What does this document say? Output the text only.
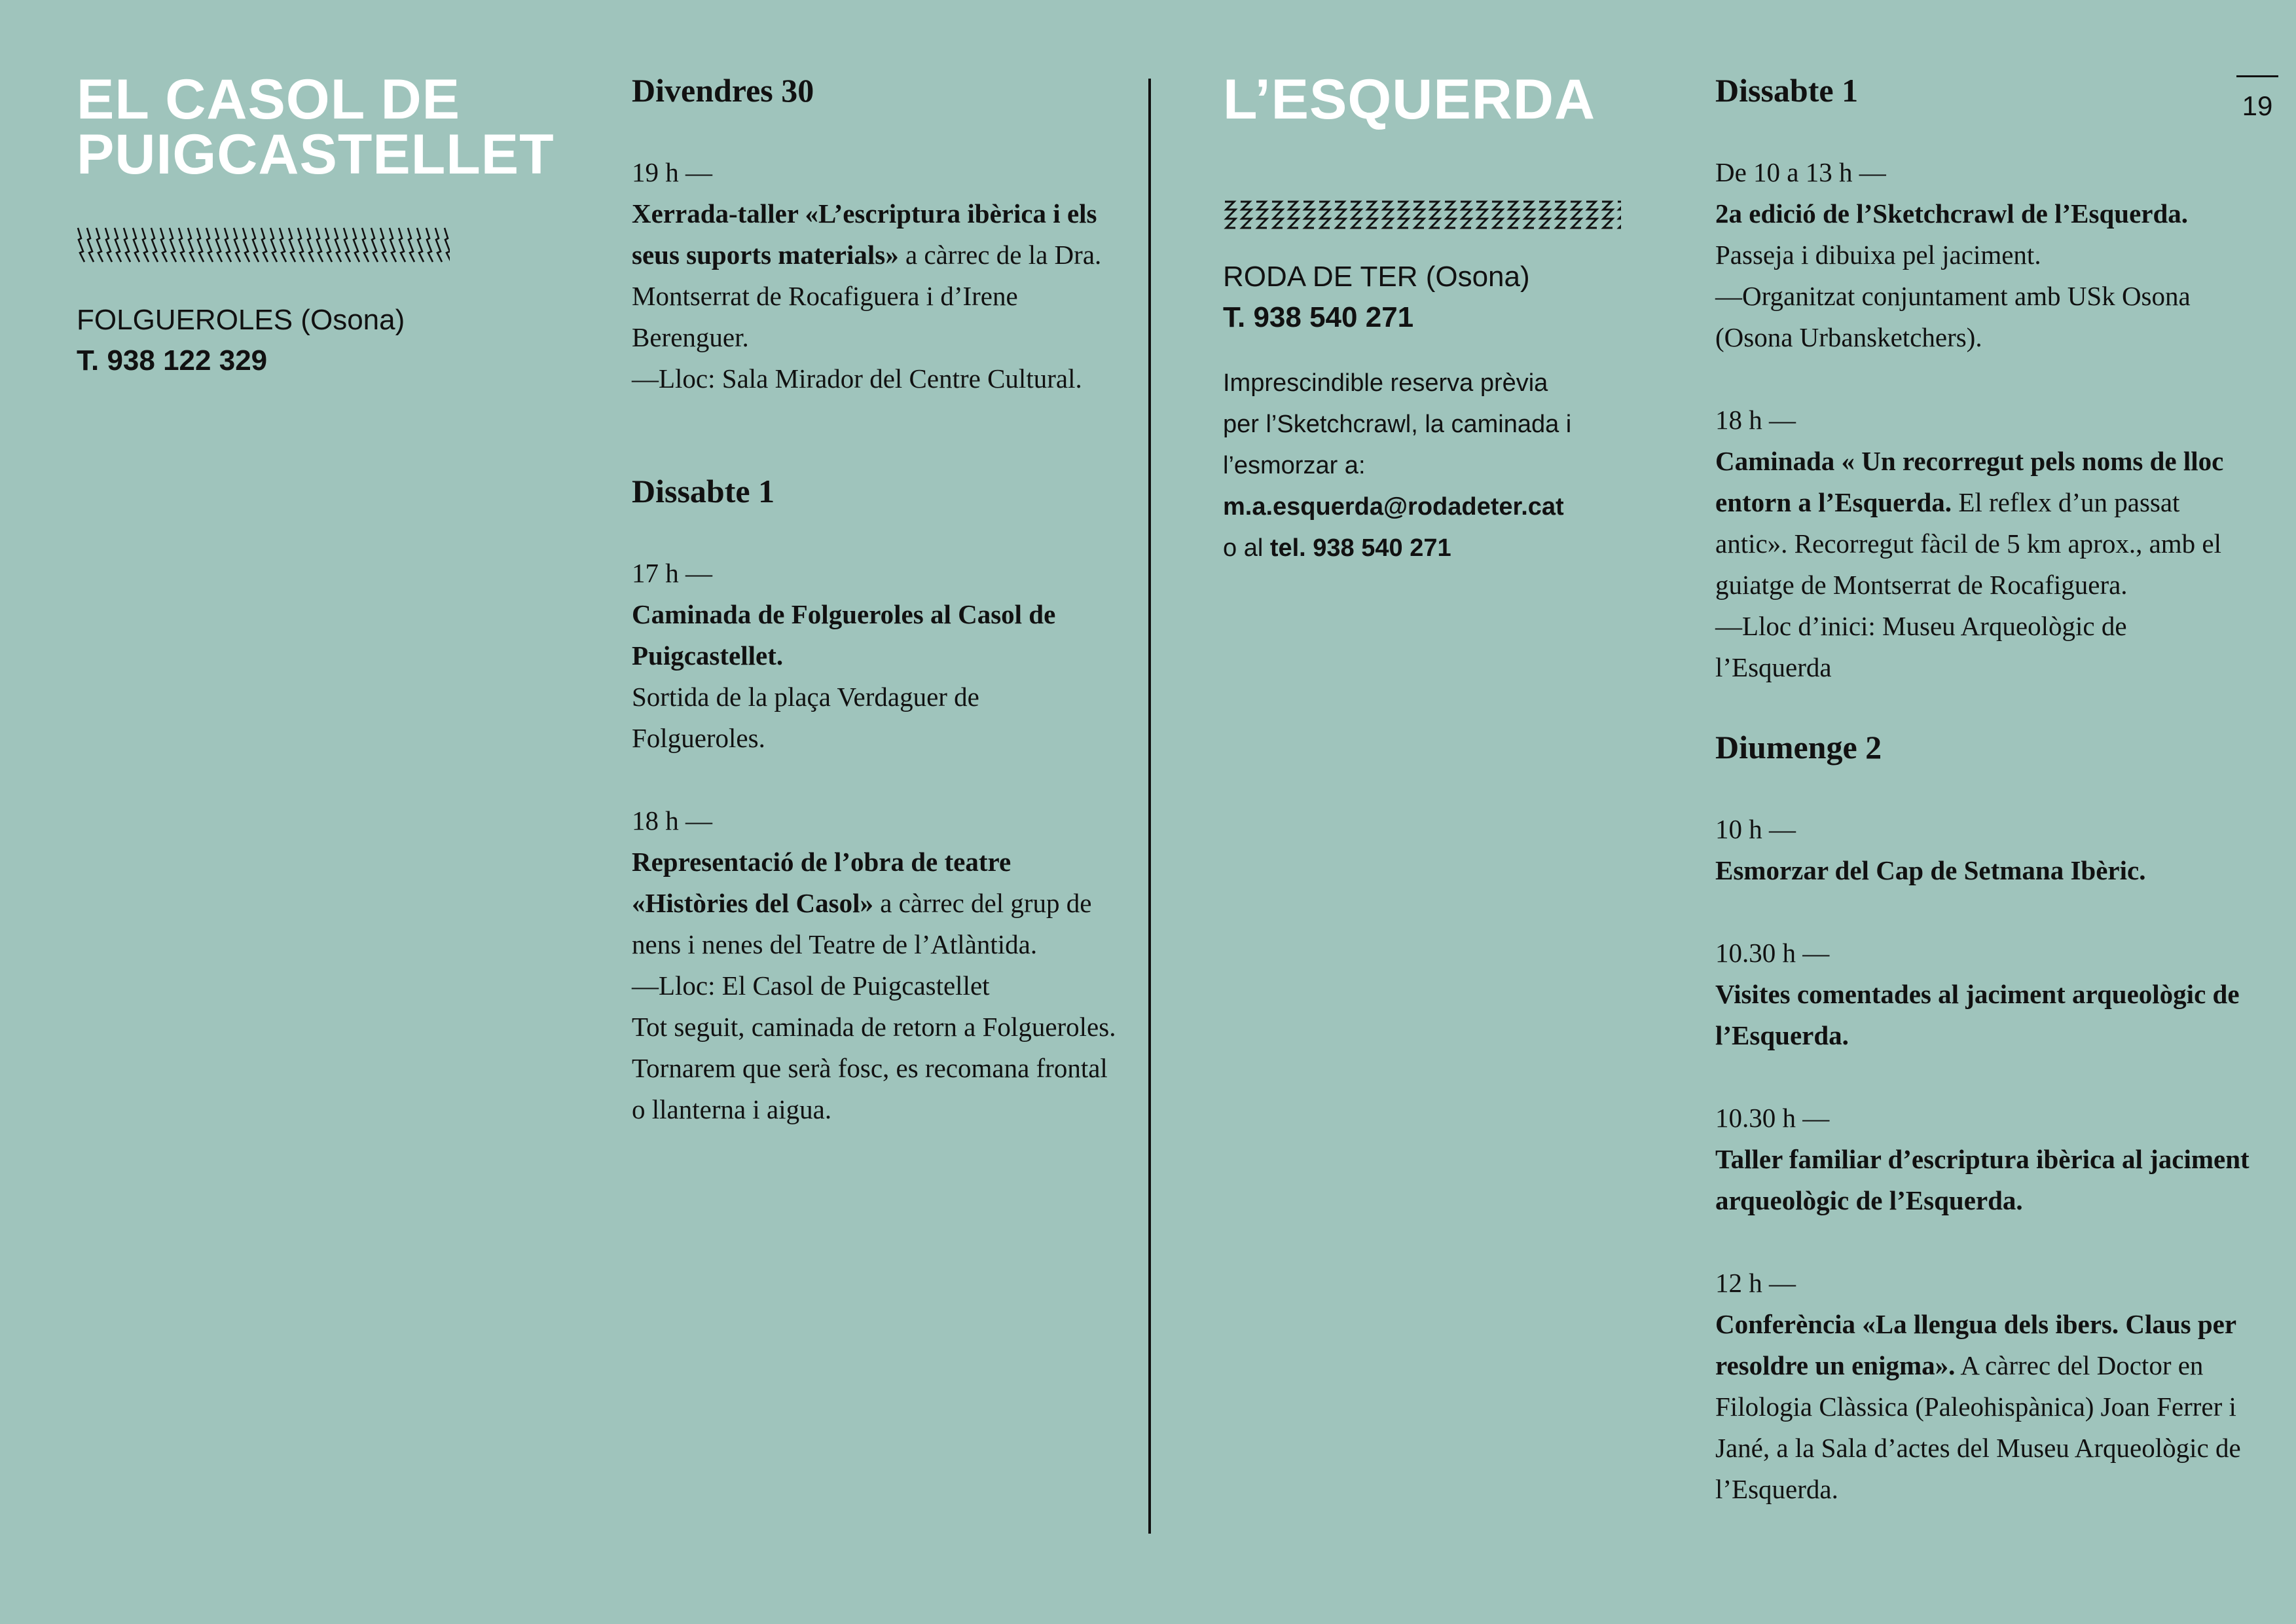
EL CASOL DE
PUIGCASTELLET
FOLGUEROLES (Osona)
T. 938 122 329
Divendres 30
19 h —

Xerrada-taller «L’escriptura ibèrica i els seus suports materials» a càrrec de la Dra. Montserrat de Rocafiguera i d’Irene Berenguer.

—Lloc: Sala Mirador del Centre Cultural.

Dissabte 1
17 h —

Caminada de Folgueroles al Casol de Puigcastellet.

Sortida de la plaça Verdaguer de Folgueroles.

18 h —

Representació de l’obra de teatre «Històries del Casol» a càrrec del grup de nens i nenes del Teatre de l’Atlàntida.

—Lloc: El Casol de Puigcastellet

Tot seguit, caminada de retorn a Folgueroles. Tornarem que serà fosc, es recomana frontal o llanterna i aigua.

L’ESQUERDA
RODA DE TER (Osona)
T. 938 540 271
Imprescindible reserva prèvia per l’Sketchcrawl, la caminada i l’esmorzar a:
m.a.esquerda@rodadeter.cat
o al tel. 938 540 271
Dissabte 1
De 10 a 13 h —

2a edició de l’Sketchcrawl de l’Esquerda. Passeja i dibuixa pel jaciment.

—Organitzat conjuntament amb USk Osona (Osona Urbansketchers).

18 h —

Caminada « Un recorregut pels noms de lloc entorn a l’Esquerda. El reflex d’un passat antic». Recorregut fàcil de 5 km aprox., amb el guiatge de Montserrat de Rocafiguera.

—Lloc d’inici: Museu Arqueològic de l’Esquerda

Diumenge 2
10 h —

Esmorzar del Cap de Setmana Ibèric.

10.30 h —

Visites comentades al jaciment arqueològic de l’Esquerda.

10.30 h —

Taller familiar d’escriptura ibèrica al jaciment arqueològic de l’Esquerda.

12 h —

Conferència «La llengua dels ibers. Claus per resoldre un enigma». A càrrec del Doctor en Filologia Clàssica (Paleohispànica) Joan Ferrer i Jané, a la Sala d’actes del Museu Arqueològic de l’Esquerda.

19
